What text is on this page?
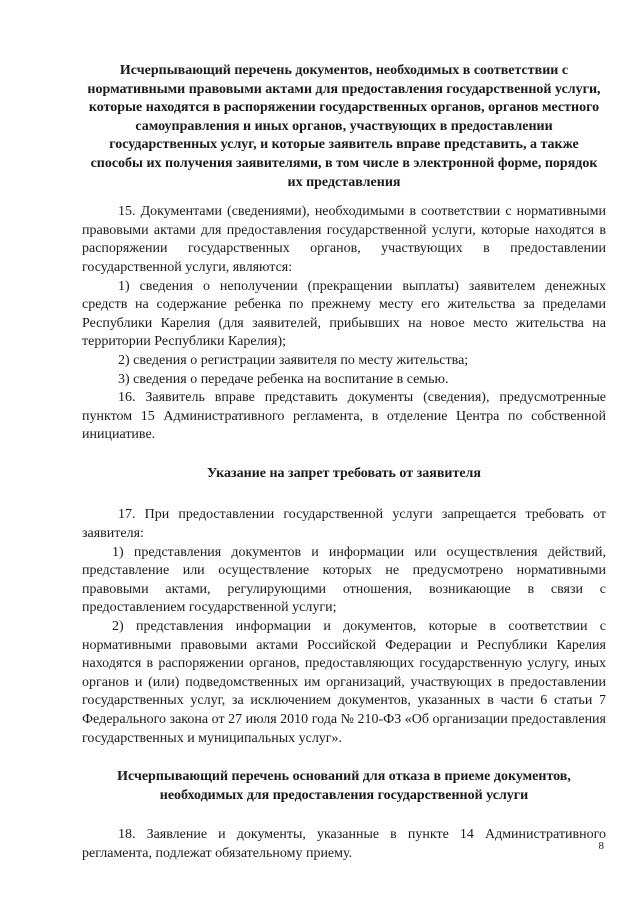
Исчерпывающий перечень документов, необходимых в соответствии с нормативными правовыми актами для предоставления государственной услуги, которые находятся в распоряжении государственных органов, органов местного самоуправления и иных органов, участвующих в предоставлении государственных услуг, и которые заявитель вправе представить, а также способы их получения заявителями, в том числе в электронной форме, порядок их представления

15. Документами (сведениями), необходимыми в соответствии с нормативными правовыми актами для предоставления государственной услуги, которые находятся в распоряжении государственных органов, участвующих в предоставлении государственной услуги, являются:

1) сведения о неполучении (прекращении выплаты) заявителем денежных средств на содержание ребенка по прежнему месту его жительства за пределами Республики Карелия (для заявителей, прибывших на новое место жительства на территории Республики Карелия);

2) сведения о регистрации заявителя по месту жительства;

3) сведения о передаче ребенка на воспитание в семью.

16. Заявитель вправе представить документы (сведения), предусмотренные пунктом 15 Административного регламента, в отделение Центра по собственной инициативе.

Указание на запрет требовать от заявителя

17. При предоставлении государственной услуги запрещается требовать от заявителя:

1) представления документов и информации или осуществления действий, представление или осуществление которых не предусмотрено нормативными правовыми актами, регулирующими отношения, возникающие в связи с предоставлением государственной услуги;

2) представления информации и документов, которые в соответствии с нормативными правовыми актами Российской Федерации и Республики Карелия находятся в распоряжении органов, предоставляющих государственную услугу, иных органов и (или) подведомственных им организаций, участвующих в предоставлении государственных услуг, за исключением документов, указанных в части 6 статьи 7 Федерального закона от 27 июля 2010 года № 210-ФЗ «Об организации предоставления государственных и муниципальных услуг».

Исчерпывающий перечень оснований для отказа в приеме документов, необходимых для предоставления государственной услуги

18. Заявление и документы, указанные в пункте 14 Административного регламента, подлежат обязательному приему.	8
